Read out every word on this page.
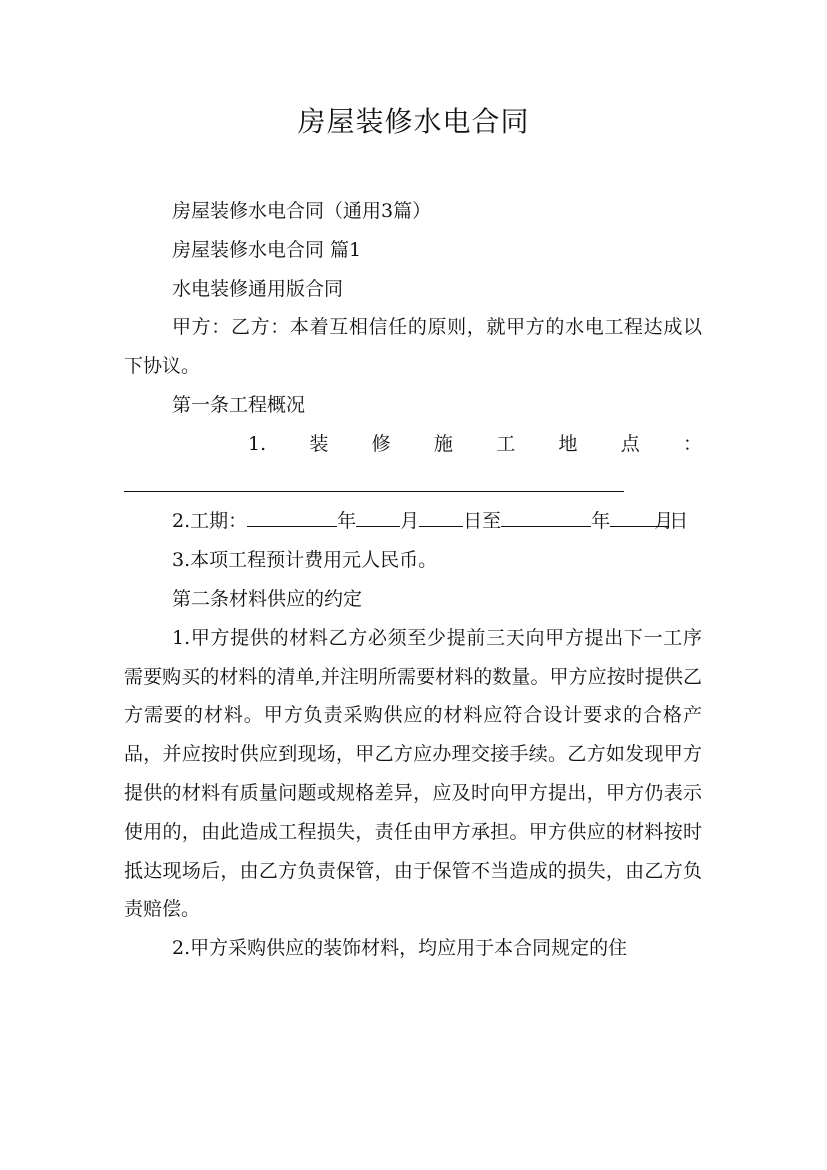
房屋装修水电合同

房屋装修水电合同（通用3篇）

房屋装修水电合同 篇1

水电装修通用版合同

甲方：乙方：本着互相信任的原则，就甲方的水电工程达成以下协议。

第一条工程概况

1. 装 修 施 工 地 点 ：

2.工期：	年 月 日至	年 月日

3.本项工程预计费用元人民币。

第二条材料供应的约定

1.甲方提供的材料乙方必须至少提前三天向甲方提出下一工序需要购买的材料的清单,并注明所需要材料的数量。甲方应按时提供乙方需要的材料。甲方负责采购供应的材料应符合设计要求的合格产品，并应按时供应到现场，甲乙方应办理交接手续。乙方如发现甲方提供的材料有质量问题或规格差异，应及时向甲方提出，甲方仍表示使用的，由此造成工程损失，责任由甲方承担。甲方供应的材料按时抵达现场后，由乙方负责保管，由于保管不当造成的损失，由乙方负责赔偿。

2.甲方采购供应的装饰材料，均应用于本合同规定的住
